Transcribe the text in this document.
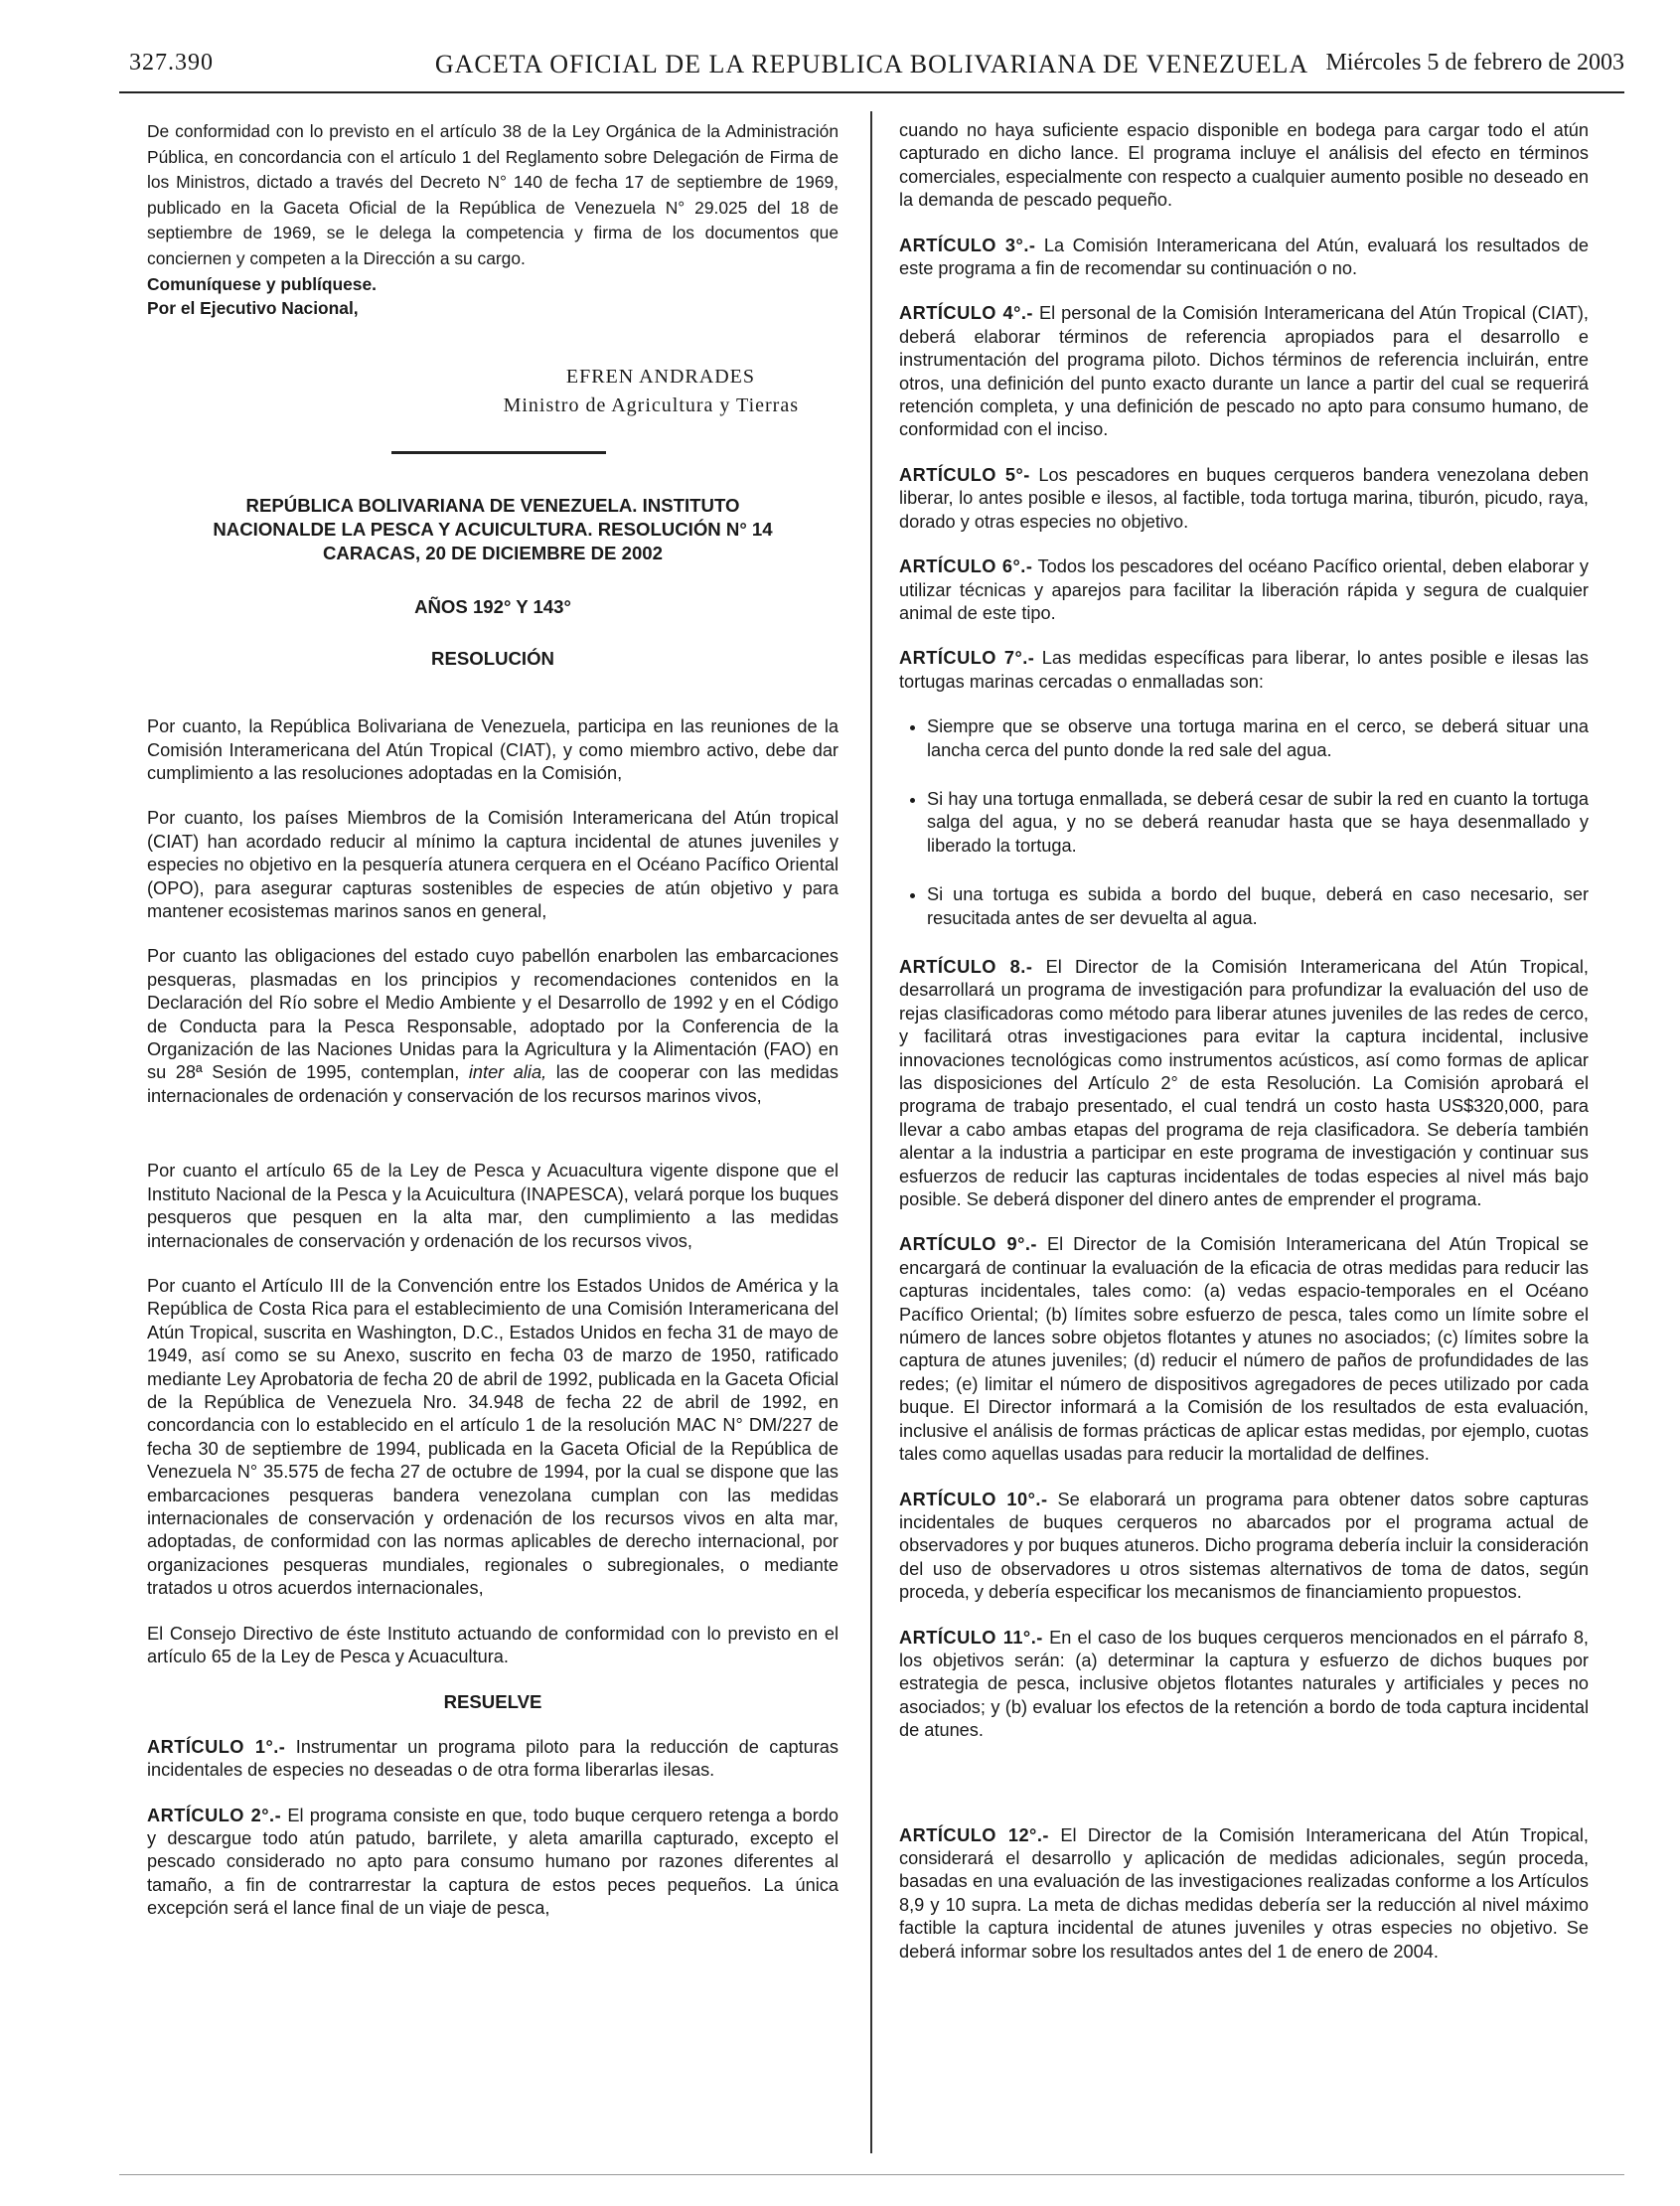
327.390	GACETA OFICIAL DE LA REPUBLICA BOLIVARIANA DE VENEZUELA Miércoles 5 de febrero de 2003

De conformidad con lo previsto en el artículo 38 de la Ley Orgánica de la Administración Pública, en concordancia con el artículo 1 del Reglamento sobre Delegación de Firma de los Ministros, dictado a través del Decreto N° 140 de fecha 17 de septiembre de 1969, publicado en la Gaceta Oficial de la República de Venezuela N° 29.025 del 18 de septiembre de 1969, se le delega la competencia y firma de los documentos que conciernen y competen a la Dirección a su cargo.

Comuníquese y publíquese.
Por el Ejecutivo Nacional,
EFREN ANDRADES
Ministro de Agricultura y Tierras
REPÚBLICA BOLIVARIANA DE VENEZUELA. INSTITUTO
NACIONALDE LA PESCA Y ACUICULTURA. RESOLUCIÓN N° 14
CARACAS, 20 DE DICIEMBRE DE 2002
AÑOS 192° Y 143°
RESOLUCIÓN

Por cuanto, la República Bolivariana de Venezuela, participa en las reuniones de la Comisión Interamericana del Atún Tropical (CIAT), y como miembro activo, debe dar cumplimiento a las resoluciones adoptadas en la Comisión,

Por cuanto, los países Miembros de la Comisión Interamericana del Atún tropical (CIAT) han acordado reducir al mínimo la captura incidental de atunes juveniles y especies no objetivo en la pesquería atunera cerquera en el Océano Pacífico Oriental (OPO), para asegurar capturas sostenibles de especies de atún objetivo y para mantener ecosistemas marinos sanos en general,

Por cuanto las obligaciones del estado cuyo pabellón enarbolen las embarcaciones pesqueras, plasmadas en los principios y recomendaciones contenidos en la Declaración del Río sobre el Medio Ambiente y el Desarrollo de 1992 y en el Código de Conducta para la Pesca Responsable, adoptado por la Conferencia de la Organización de las Naciones Unidas para la Agricultura y la Alimentación (FAO) en su 28ª Sesión de 1995, contemplan, inter alia, las de cooperar con las medidas internacionales de ordenación y conservación de los recursos marinos vivos,

Por cuanto el artículo 65 de la Ley de Pesca y Acuacultura vigente dispone que el Instituto Nacional de la Pesca y la Acuicultura (INAPESCA), velará porque los buques pesqueros que pesquen en la alta mar, den cumplimiento a las medidas internacionales de conservación y ordenación de los recursos vivos,

Por cuanto el Artículo III de la Convención entre los Estados Unidos de América y la República de Costa Rica para el establecimiento de una Comisión Interamericana del Atún Tropical, suscrita en Washington, D.C., Estados Unidos en fecha 31 de mayo de 1949, así como se su Anexo, suscrito en fecha 03 de marzo de 1950, ratificado mediante Ley Aprobatoria de fecha 20 de abril de 1992, publicada en la Gaceta Oficial de la República de Venezuela Nro. 34.948 de fecha 22 de abril de 1992, en concordancia con lo establecido en el artículo 1 de la resolución MAC N° DM/227 de fecha 30 de septiembre de 1994, publicada en la Gaceta Oficial de la República de Venezuela N° 35.575 de fecha 27 de octubre de 1994, por la cual se dispone que las embarcaciones pesqueras bandera venezolana cumplan con las medidas internacionales de conservación y ordenación de los recursos vivos en alta mar, adoptadas, de conformidad con las normas aplicables de derecho internacional, por organizaciones pesqueras mundiales, regionales o subregionales, o mediante tratados u otros acuerdos internacionales,

El Consejo Directivo de éste Instituto actuando de conformidad con lo previsto en el artículo 65 de la Ley de Pesca y Acuacultura.

RESUELVE

ARTÍCULO 1°.- Instrumentar un programa piloto para la reducción de capturas incidentales de especies no deseadas o de otra forma liberarlas ilesas.

ARTÍCULO 2°.- El programa consiste en que, todo buque cerquero retenga a bordo y descargue todo atún patudo, barrilete, y aleta amarilla capturado, excepto el pescado considerado no apto para consumo humano por razones diferentes al tamaño, a fin de contrarrestar la captura de estos peces pequeños. La única excepción será el lance final de un viaje de pesca,

cuando no haya suficiente espacio disponible en bodega para cargar todo el atún capturado en dicho lance. El programa incluye el análisis del efecto en términos comerciales, especialmente con respecto a cualquier aumento posible no deseado en la demanda de pescado pequeño.

ARTÍCULO 3°.- La Comisión Interamericana del Atún, evaluará los resultados de este programa a fin de recomendar su continuación o no.

ARTÍCULO 4°.- El personal de la Comisión Interamericana del Atún Tropical (CIAT), deberá elaborar términos de referencia apropiados para el desarrollo e instrumentación del programa piloto. Dichos términos de referencia incluirán, entre otros, una definición del punto exacto durante un lance a partir del cual se requerirá retención completa, y una definición de pescado no apto para consumo humano, de conformidad con el inciso.

ARTÍCULO 5°- Los pescadores en buques cerqueros bandera venezolana deben liberar, lo antes posible e ilesos, al factible, toda tortuga marina, tiburón, picudo, raya, dorado y otras especies no objetivo.

ARTÍCULO 6°.- Todos los pescadores del océano Pacífico oriental, deben elaborar y utilizar técnicas y aparejos para facilitar la liberación rápida y segura de cualquier animal de este tipo.

ARTÍCULO 7°.- Las medidas específicas para liberar, lo antes posible e ilesas las tortugas marinas cercadas o enmalladas son:

• Siempre que se observe una tortuga marina en el cerco, se deberá situar una lancha cerca del punto donde la red sale del agua.
• Si hay una tortuga enmallada, se deberá cesar de subir la red en cuanto la tortuga salga del agua, y no se deberá reanudar hasta que se haya desenmallado y liberado la tortuga.
• Si una tortuga es subida a bordo del buque, deberá en caso necesario, ser resucitada antes de ser devuelta al agua.

ARTÍCULO 8.- El Director de la Comisión Interamericana del Atún Tropical, desarrollará un programa de investigación para profundizar la evaluación del uso de rejas clasificadoras como método para liberar atunes juveniles de las redes de cerco, y facilitará otras investigaciones para evitar la captura incidental, inclusive innovaciones tecnológicas como instrumentos acústicos, así como formas de aplicar las disposiciones del Artículo 2° de esta Resolución. La Comisión aprobará el programa de trabajo presentado, el cual tendrá un costo hasta US$320,000, para llevar a cabo ambas etapas del programa de reja clasificadora. Se debería también alentar a la industria a participar en este programa de investigación y continuar sus esfuerzos de reducir las capturas incidentales de todas especies al nivel más bajo posible. Se deberá disponer del dinero antes de emprender el programa.

ARTÍCULO 9°.- El Director de la Comisión Interamericana del Atún Tropical se encargará de continuar la evaluación de la eficacia de otras medidas para reducir las capturas incidentales, tales como: (a) vedas espacio-temporales en el Océano Pacífico Oriental; (b) límites sobre esfuerzo de pesca, tales como un límite sobre el número de lances sobre objetos flotantes y atunes no asociados; (c) límites sobre la captura de atunes juveniles; (d) reducir el número de paños de profundidades de las redes; (e) limitar el número de dispositivos agregadores de peces utilizado por cada buque. El Director informará a la Comisión de los resultados de esta evaluación, inclusive el análisis de formas prácticas de aplicar estas medidas, por ejemplo, cuotas tales como aquellas usadas para reducir la mortalidad de delfines.

ARTÍCULO 10°.- Se elaborará un programa para obtener datos sobre capturas incidentales de buques cerqueros no abarcados por el programa actual de observadores y por buques atuneros. Dicho programa debería incluir la consideración del uso de observadores u otros sistemas alternativos de toma de datos, según proceda, y debería especificar los mecanismos de financiamiento propuestos.

ARTÍCULO 11°.- En el caso de los buques cerqueros mencionados en el párrafo 8, los objetivos serán: (a) determinar la captura y esfuerzo de dichos buques por estrategia de pesca, inclusive objetos flotantes naturales y artificiales y peces no asociados; y (b) evaluar los efectos de la retención a bordo de toda captura incidental de atunes.

ARTÍCULO 12°.- El Director de la Comisión Interamericana del Atún Tropical, considerará el desarrollo y aplicación de medidas adicionales, según proceda, basadas en una evaluación de las investigaciones realizadas conforme a los Artículos 8,9 y 10 supra. La meta de dichas medidas debería ser la reducción al nivel máximo factible la captura incidental de atunes juveniles y otras especies no objetivo. Se deberá informar sobre los resultados antes del 1 de enero de 2004.
